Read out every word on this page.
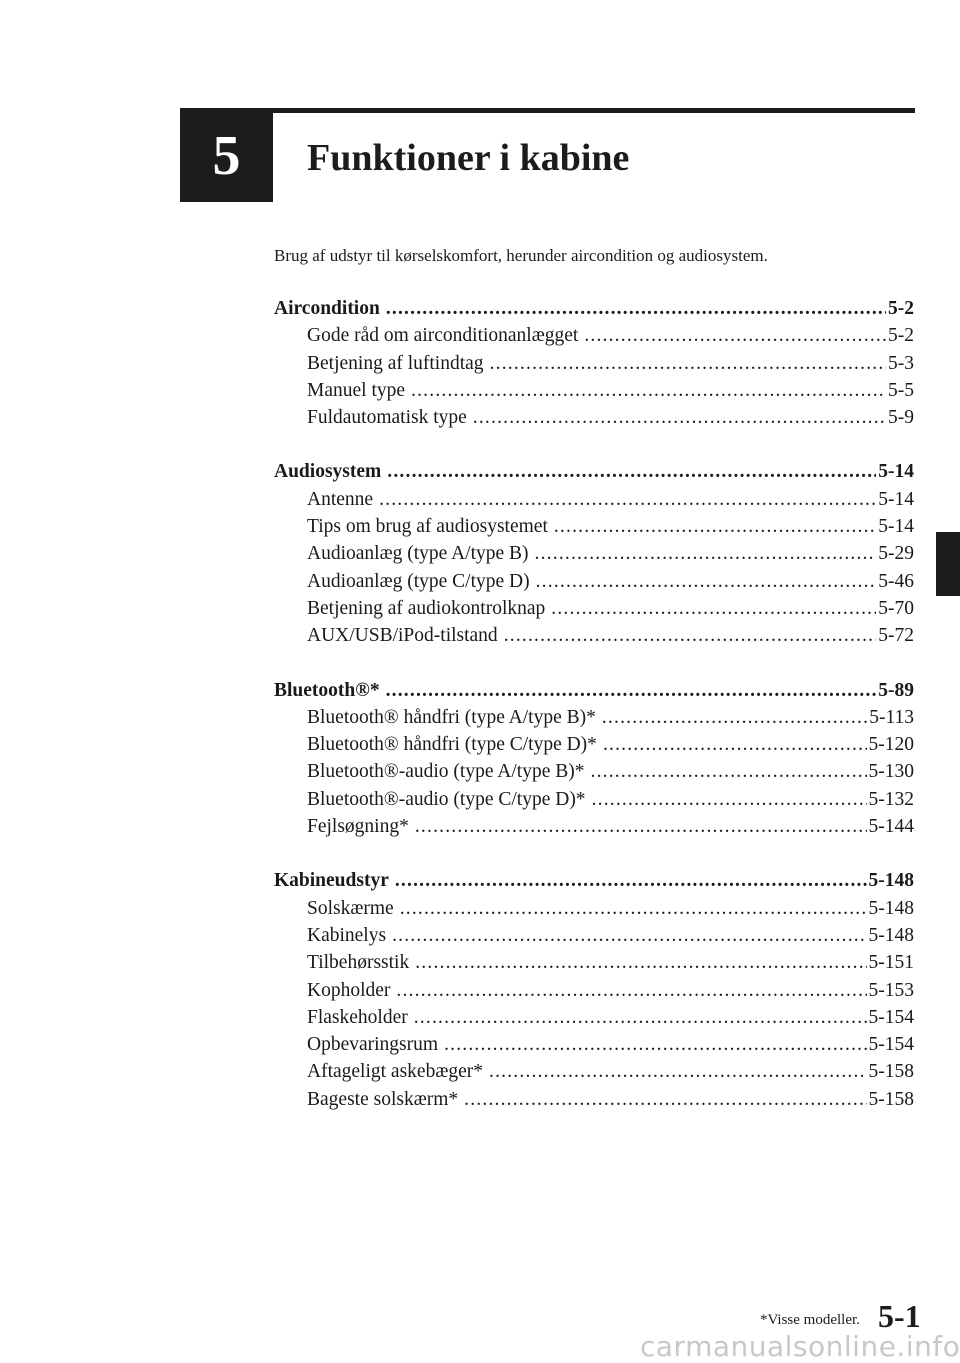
5 Funktioner i kabine
Brug af udstyr til kørselskomfort, herunder aircondition og audiosystem.
Aircondition .....	5-2
Gode råd om airconditionanlægget .....	5-2
Betjening af luftindtag .....	5-3
Manuel type .....	5-5
Fuldautomatisk type .....	5-9
Audiosystem .....	5-14
Antenne .....	5-14
Tips om brug af audiosystemet .....	5-14
Audioanlæg (type A/type B) .....	5-29
Audioanlæg (type C/type D) .....	5-46
Betjening af audiokontrolknap .....	5-70
AUX/USB/iPod-tilstand .....	5-72
Bluetooth®* .....	5-89
Bluetooth® håndfri (type A/type B)* .....	5-113
Bluetooth® håndfri (type C/type D)* .....	5-120
Bluetooth®-audio (type A/type B)* .....	5-130
Bluetooth®-audio (type C/type D)* .....	5-132
Fejlsøgning* .....	5-144
Kabineudstyr .....	5-148
Solskærme .....	5-148
Kabinelys .....	5-148
Tilbehørsstik .....	5-151
Kopholder .....	5-153
Flaskeholder .....	5-154
Opbevaringsrum .....	5-154
Aftageligt askebæger* .....	5-158
Bageste solskærm* .....	5-158
*Visse modeller. 5-1
carmanualsonline.info
